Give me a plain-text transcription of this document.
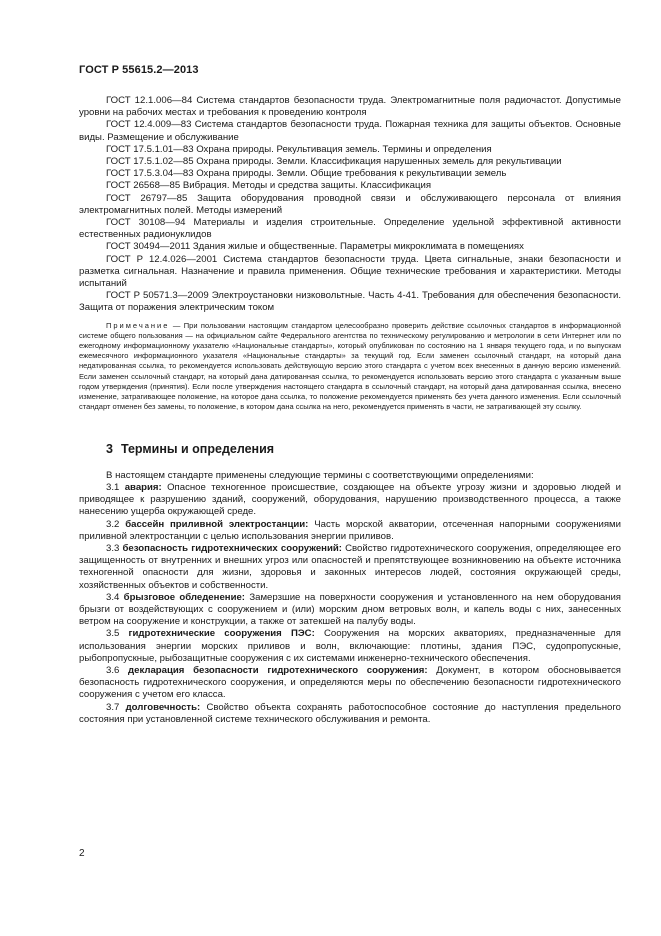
ГОСТ Р 55615.2—2013

ГОСТ 12.1.006—84 Система стандартов безопасности труда. Электромагнитные поля радиочастот. Допустимые уровни на рабочих местах и требования к проведению контроля

ГОСТ 12.4.009—83 Система стандартов безопасности труда. Пожарная техника для защиты объектов. Основные виды. Размещение и обслуживание

ГОСТ 17.5.1.01—83 Охрана природы. Рекультивация земель. Термины и определения

ГОСТ 17.5.1.02—85 Охрана природы. Земли. Классификация нарушенных земель для рекультивации

ГОСТ 17.5.3.04—83 Охрана природы. Земли. Общие требования к рекультивации земель

ГОСТ 26568—85 Вибрация. Методы и средства защиты. Классификация

ГОСТ 26797—85 Защита оборудования проводной связи и обслуживающего персонала от влияния электромагнитных полей. Методы измерений

ГОСТ 30108—94 Материалы и изделия строительные. Определение удельной эффективной активности естественных радионуклидов

ГОСТ 30494—2011 Здания жилые и общественные. Параметры микроклимата в помещениях

ГОСТ Р 12.4.026—2001 Система стандартов безопасности труда. Цвета сигнальные, знаки безопасности и разметка сигнальная. Назначение и правила применения. Общие технические требования и характеристики. Методы испытаний

ГОСТ Р 50571.3—2009 Электроустановки низковольтные. Часть 4-41. Требования для обеспечения безопасности. Защита от поражения электрическим током

Примечание — При пользовании настоящим стандартом целесообразно проверить действие ссылочных стандартов в информационной системе общего пользования — на официальном сайте Федерального агентства по техническому регулированию и метрологии в сети Интернет или по ежегодному информационному указателю «Национальные стандарты», который опубликован по состоянию на 1 января текущего года, и по выпускам ежемесячного информационного указателя «Национальные стандарты» за текущий год. Если заменен ссылочный стандарт, на который дана недатированная ссылка, то рекомендуется использовать действующую версию этого стандарта с учетом всех внесенных в данную версию изменений. Если заменен ссылочный стандарт, на который дана датированная ссылка, то рекомендуется использовать версию этого стандарта с указанным выше годом утверждения (принятия). Если после утверждения настоящего стандарта в ссылочный стандарт, на который дана датированная ссылка, внесено изменение, затрагивающее положение, на которое дана ссылка, то положение рекомендуется применять без учета данного изменения. Если ссылочный стандарт отменен без замены, то положение, в котором дана ссылка на него, рекомендуется применять в части, не затрагивающей эту ссылку.

3 Термины и определения

В настоящем стандарте применены следующие термины с соответствующими определениями:

3.1 авария: Опасное техногенное происшествие, создающее на объекте угрозу жизни и здоровью людей и приводящее к разрушению зданий, сооружений, оборудования, нарушению производственного процесса, а также нанесению ущерба окружающей среде.

3.2 бассейн приливной электростанции: Часть морской акватории, отсеченная напорными сооружениями приливной электростанции с целью использования энергии приливов.

3.3 безопасность гидротехнических сооружений: Свойство гидротехнического сооружения, определяющее его защищенность от внутренних и внешних угроз или опасностей и препятствующее возникновению на объекте источника техногенной опасности для жизни, здоровья и законных интересов людей, состояния окружающей среды, хозяйственных объектов и собственности.

3.4 брызговое обледенение: Замерзшие на поверхности сооружения и установленного на нем оборудования брызги от воздействующих с сооружением и (или) морским дном ветровых волн, и капель воды с них, занесенных ветром на сооружение и конструкции, а также от затекшей на палубу воды.

3.5 гидротехнические сооружения ПЭС: Сооружения на морских акваториях, предназначенные для использования энергии морских приливов и волн, включающие: плотины, здания ПЭС, судопропускные, рыбопропускные, рыбозащитные сооружения с их системами инженерно-технического обеспечения.

3.6 декларация безопасности гидротехнического сооружения: Документ, в котором обосновывается безопасность гидротехнического сооружения, и определяются меры по обеспечению безопасности гидротехнического сооружения с учетом его класса.

3.7 долговечность: Свойство объекта сохранять работоспособное состояние до наступления предельного состояния при установленной системе технического обслуживания и ремонта.

2
